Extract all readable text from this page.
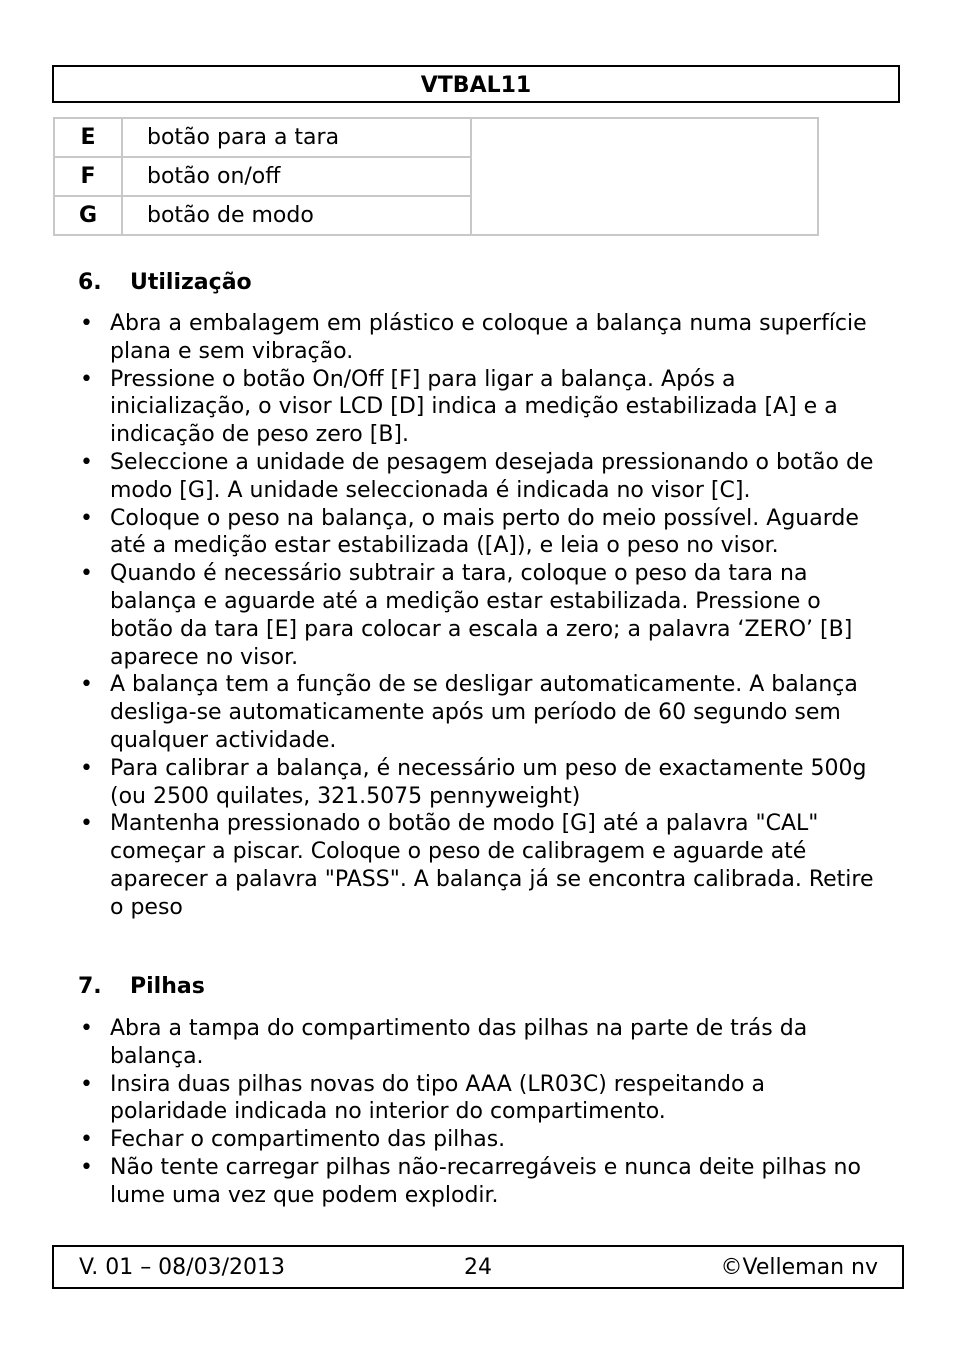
VTBAL11
E	botão para a tara	
F	botão on/off	
G	botão de modo	
6. Utilização
• Abra a embalagem em plástico e coloque a balança numa superfície plana e sem vibração.
• Pressione o botão On/Off [F] para ligar a balança. Após a inicialização, o visor LCD [D] indica a medição estabilizada [A] e a indicação de peso zero [B].
• Seleccione a unidade de pesagem desejada pressionando o botão de modo [G]. A unidade seleccionada é indicada no visor [C].
• Coloque o peso na balança, o mais perto do meio possível. Aguarde até a medição estar estabilizada ([A]), e leia o peso no visor.
• Quando é necessário subtrair a tara, coloque o peso da tara na balança e aguarde até a medição estar estabilizada. Pressione o botão da tara [E] para colocar a escala a zero; a palavra ‘ZERO’ [B] aparece no visor.
• A balança tem a função de se desligar automaticamente. A balança desliga-se automaticamente após um período de 60 segundo sem qualquer actividade.
• Para calibrar a balança, é necessário um peso de exactamente 500g (ou 2500 quilates, 321.5075 pennyweight)
• Mantenha pressionado o botão de modo [G] até a palavra "CAL" começar a piscar. Coloque o peso de calibragem e aguarde até aparecer a palavra "PASS". A balança já se encontra calibrada. Retire o peso
7. Pilhas
• Abra a tampa do compartimento das pilhas na parte de trás da balança.
• Insira duas pilhas novas do tipo AAA (LR03C) respeitando a polaridade indicada no interior do compartimento.
• Fechar o compartimento das pilhas.
• Não tente carregar pilhas não-recarregáveis e nunca deite pilhas no lume uma vez que podem explodir.
V. 01 – 08/03/2013	24	©Velleman nv
